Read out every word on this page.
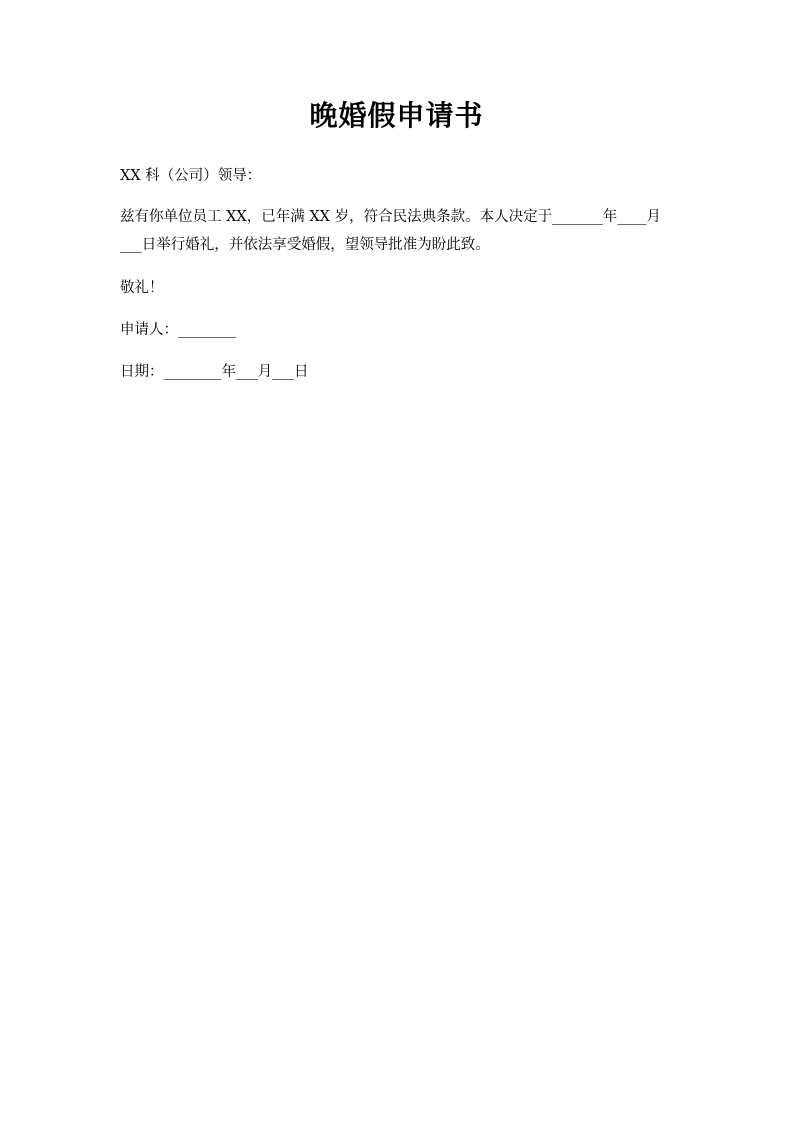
晚婚假申请书

XX 科（公司）领导：

兹有你单位员工 XX，已年满 XX 岁，符合民法典条款。本人决定于_______年____月

___日举行婚礼，并依法享受婚假，望领导批准为盼此致。

敬礼！

申请人：________

日期：________年___月___日
